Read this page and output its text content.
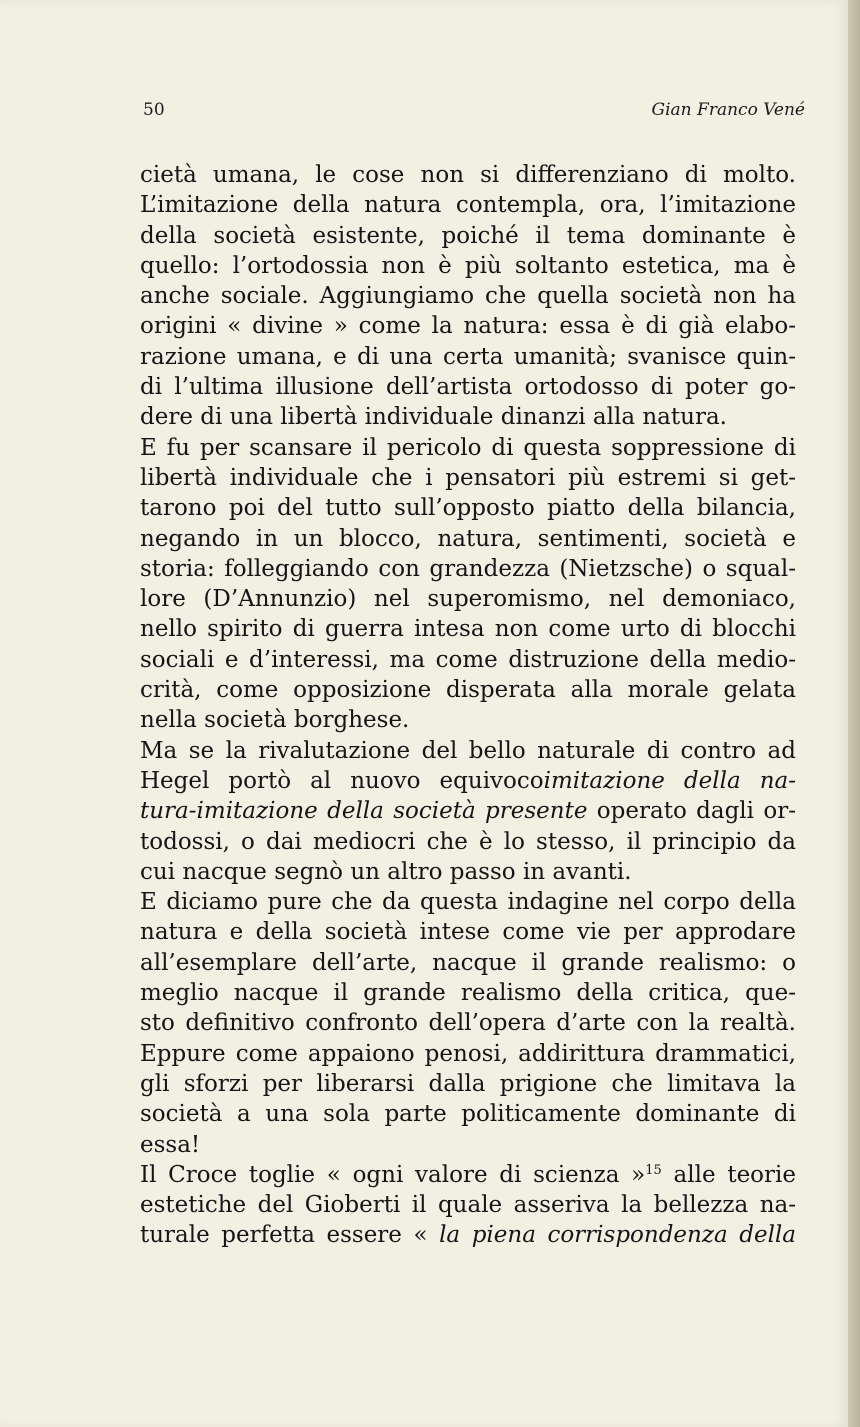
50	Gian Franco Vené
cietà umana, le cose non si differenziano di molto.
L’imitazione della natura contempla, ora, l’imitazione
della società esistente, poiché il tema dominante è
quello: l’ortodossia non è più soltanto estetica, ma è
anche sociale. Aggiungiamo che quella società non ha
origini « divine » come la natura: essa è di già elabo-
razione umana, e di una certa umanità; svanisce quin-
di l’ultima illusione dell’artista ortodosso di poter go-
dere di una libertà individuale dinanzi alla natura.
E fu per scansare il pericolo di questa soppressione di
libertà individuale che i pensatori più estremi si get-
tarono poi del tutto sull’opposto piatto della bilancia,
negando in un blocco, natura, sentimenti, società e
storia: folleggiando con grandezza (Nietzsche) o squal-
lore (D’Annunzio) nel superomismo, nel demoniaco,
nello spirito di guerra intesa non come urto di blocchi
sociali e d’interessi, ma come distruzione della medio-
crità, come opposizione disperata alla morale gelata
nella società borghese.
Ma se la rivalutazione del bello naturale di contro ad
Hegel portò al nuovo equivocoimitazione della na-
tura-imitazione della società presente operato dagli or-
todossi, o dai mediocri che è lo stesso, il principio da
cui nacque segnò un altro passo in avanti.
E diciamo pure che da questa indagine nel corpo della
natura e della società intese come vie per approdare
all’esemplare dell’arte, nacque il grande realismo: o
meglio nacque il grande realismo della critica, que-
sto definitivo confronto dell’opera d’arte con la realtà.
Eppure come appaiono penosi, addirittura drammatici,
gli sforzi per liberarsi dalla prigione che limitava la
società a una sola parte politicamente dominante di
essa!
Il Croce toglie « ogni valore di scienza »$^{15}$ alle teorie
estetiche del Gioberti il quale asseriva la bellezza na-
turale perfetta essere « la piena corrispondenza della
